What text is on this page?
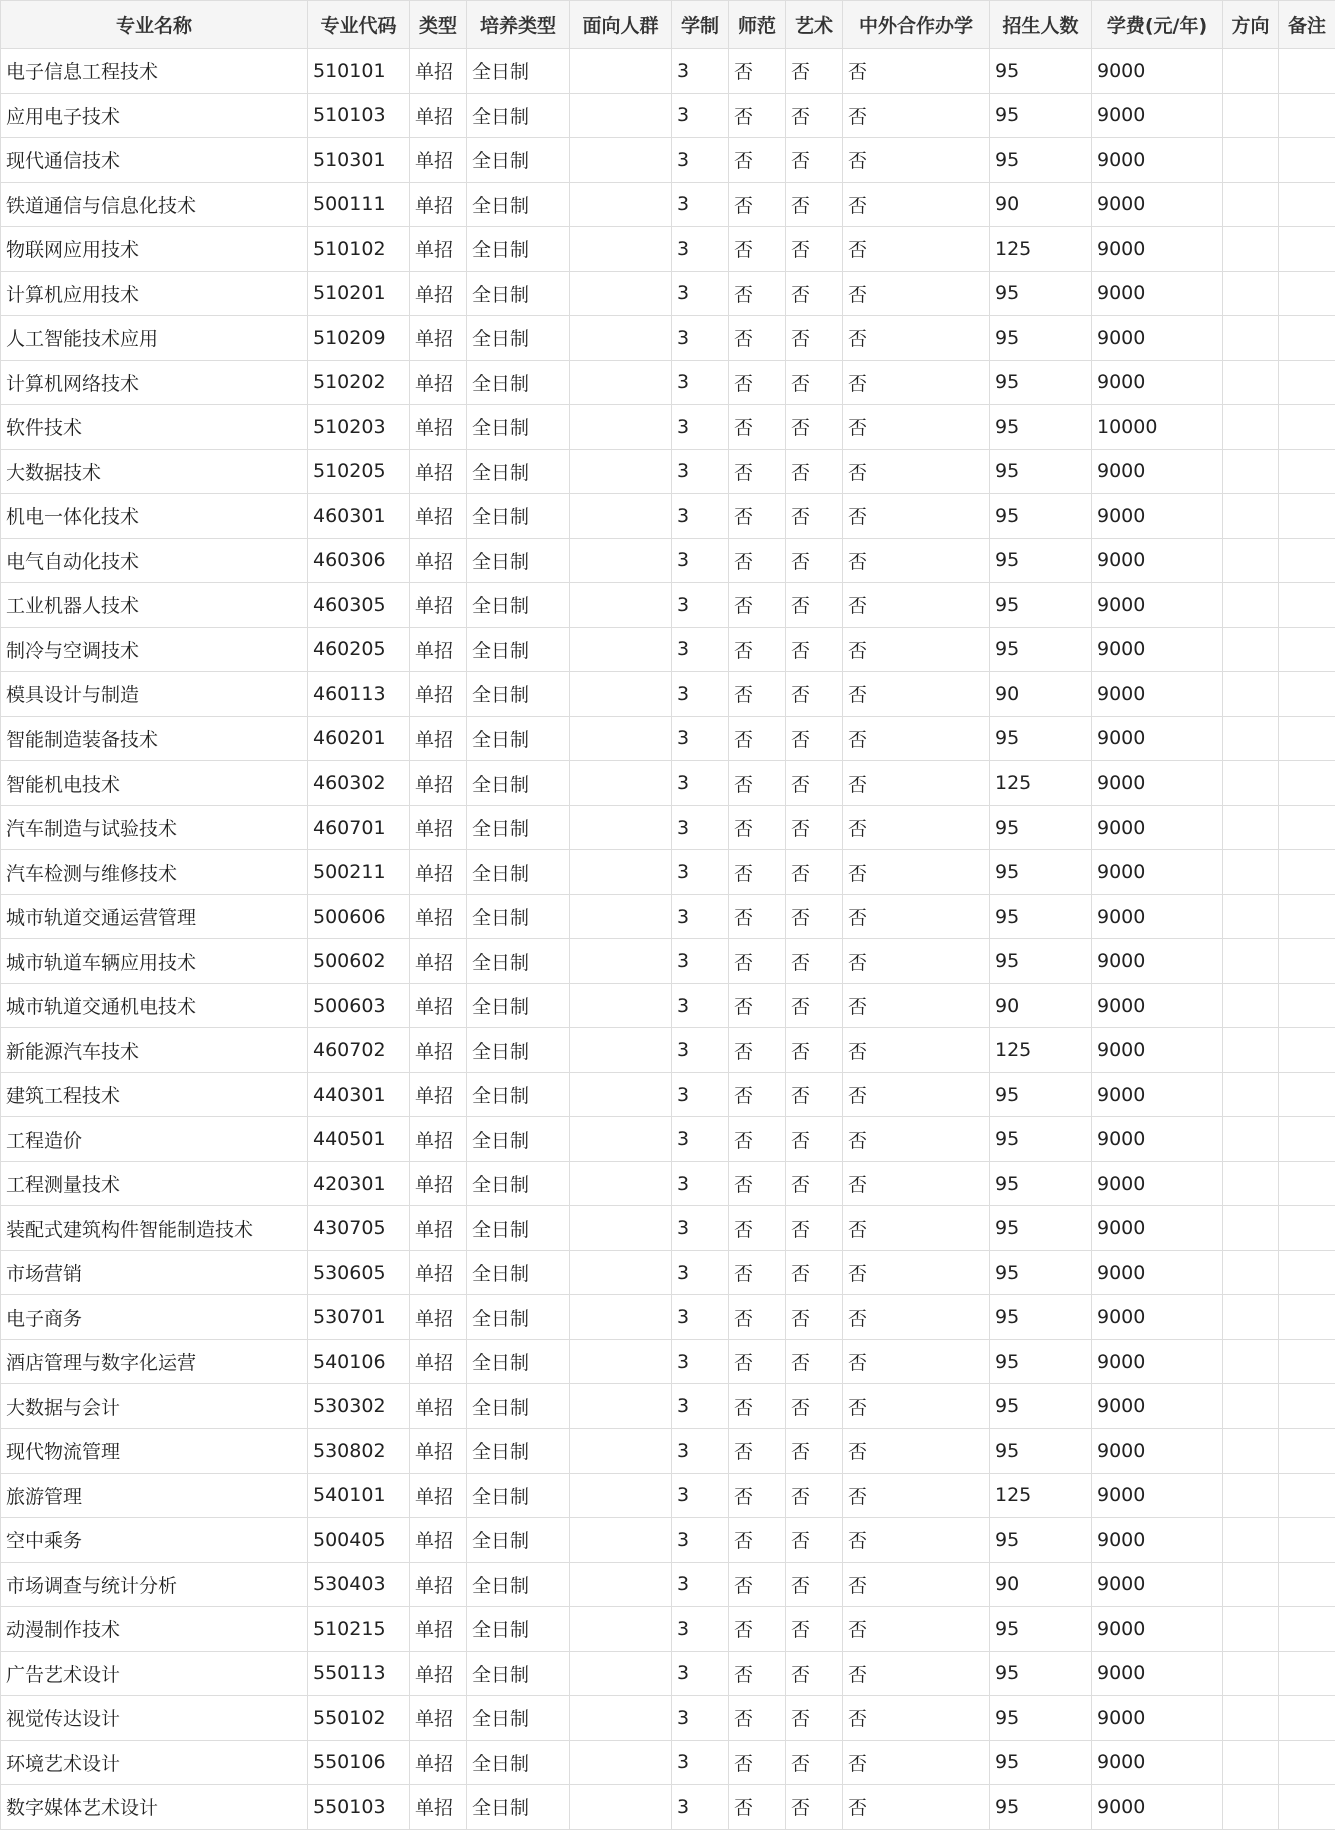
专业名称	专业代码	类型	培养类型	面向人群	学制	师范	艺术	中外合作办学	招生人数	学费(元/年)	方向	备注
电子信息工程技术	510101	单招	全日制		3	否	否	否	95	9000		
应用电子技术	510103	单招	全日制		3	否	否	否	95	9000		
现代通信技术	510301	单招	全日制		3	否	否	否	95	9000		
铁道通信与信息化技术	500111	单招	全日制		3	否	否	否	90	9000		
物联网应用技术	510102	单招	全日制		3	否	否	否	125	9000		
计算机应用技术	510201	单招	全日制		3	否	否	否	95	9000		
人工智能技术应用	510209	单招	全日制		3	否	否	否	95	9000		
计算机网络技术	510202	单招	全日制		3	否	否	否	95	9000		
软件技术	510203	单招	全日制		3	否	否	否	95	10000		
大数据技术	510205	单招	全日制		3	否	否	否	95	9000		
机电一体化技术	460301	单招	全日制		3	否	否	否	95	9000		
电气自动化技术	460306	单招	全日制		3	否	否	否	95	9000		
工业机器人技术	460305	单招	全日制		3	否	否	否	95	9000		
制冷与空调技术	460205	单招	全日制		3	否	否	否	95	9000		
模具设计与制造	460113	单招	全日制		3	否	否	否	90	9000		
智能制造装备技术	460201	单招	全日制		3	否	否	否	95	9000		
智能机电技术	460302	单招	全日制		3	否	否	否	125	9000		
汽车制造与试验技术	460701	单招	全日制		3	否	否	否	95	9000		
汽车检测与维修技术	500211	单招	全日制		3	否	否	否	95	9000		
城市轨道交通运营管理	500606	单招	全日制		3	否	否	否	95	9000		
城市轨道车辆应用技术	500602	单招	全日制		3	否	否	否	95	9000		
城市轨道交通机电技术	500603	单招	全日制		3	否	否	否	90	9000		
新能源汽车技术	460702	单招	全日制		3	否	否	否	125	9000		
建筑工程技术	440301	单招	全日制		3	否	否	否	95	9000		
工程造价	440501	单招	全日制		3	否	否	否	95	9000		
工程测量技术	420301	单招	全日制		3	否	否	否	95	9000		
装配式建筑构件智能制造技术	430705	单招	全日制		3	否	否	否	95	9000		
市场营销	530605	单招	全日制		3	否	否	否	95	9000		
电子商务	530701	单招	全日制		3	否	否	否	95	9000		
酒店管理与数字化运营	540106	单招	全日制		3	否	否	否	95	9000		
大数据与会计	530302	单招	全日制		3	否	否	否	95	9000		
现代物流管理	530802	单招	全日制		3	否	否	否	95	9000		
旅游管理	540101	单招	全日制		3	否	否	否	125	9000		
空中乘务	500405	单招	全日制		3	否	否	否	95	9000		
市场调查与统计分析	530403	单招	全日制		3	否	否	否	90	9000		
动漫制作技术	510215	单招	全日制		3	否	否	否	95	9000		
广告艺术设计	550113	单招	全日制		3	否	否	否	95	9000		
视觉传达设计	550102	单招	全日制		3	否	否	否	95	9000		
环境艺术设计	550106	单招	全日制		3	否	否	否	95	9000		
数字媒体艺术设计	550103	单招	全日制		3	否	否	否	95	9000		
